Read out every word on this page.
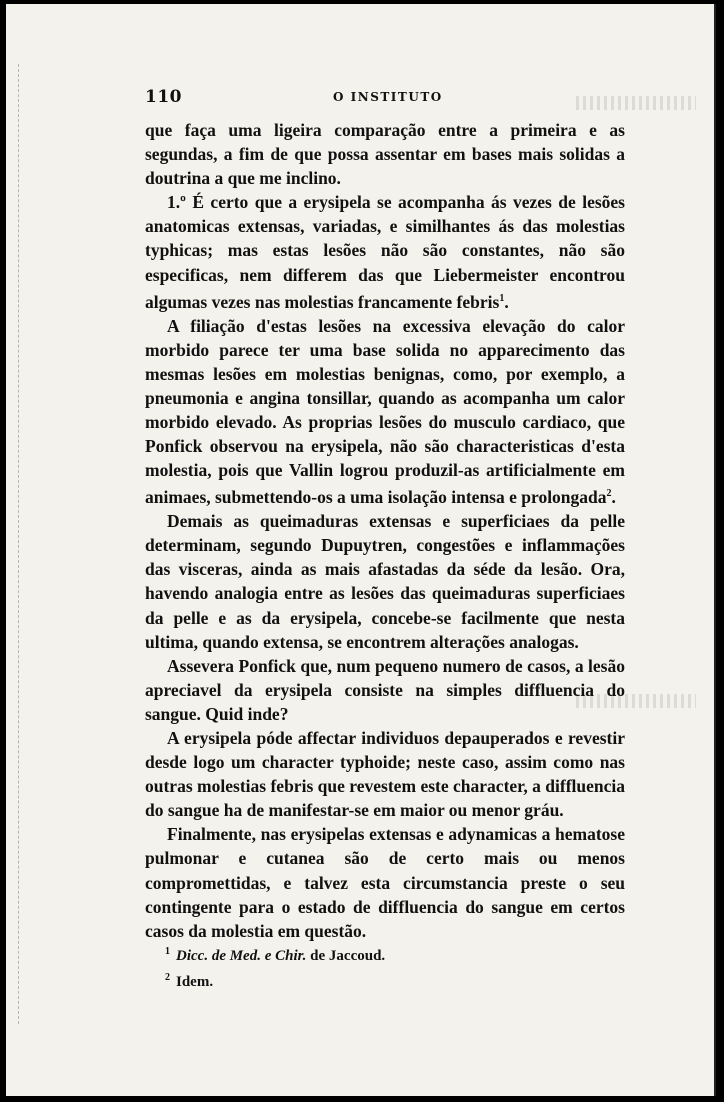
110	O INSTITUTO

que faça uma ligeira comparação entre a primeira e as segundas, a fim de que possa assentar em bases mais solidas a doutrina a que me inclino.

1.º É certo que a erysipela se acompanha ás vezes de lesões anatomicas extensas, variadas, e similhantes ás das molestias typhicas; mas estas lesões não são constantes, não são especificas, nem differem das que Liebermeister encontrou algumas vezes nas molestias francamente febris$^1$.

A filiação d'estas lesões na excessiva elevação do calor morbido parece ter uma base solida no apparecimento das mesmas lesões em molestias benignas, como, por exemplo, a pneumonia e angina tonsillar, quando as acompanha um calor morbido elevado. As proprias lesões do musculo cardiaco, que Ponfick observou na erysipela, não são characteristicas d'esta molestia, pois que Vallin logrou produzil-as artificialmente em animaes, submettendo-os a uma isolação intensa e prolongada$^2$.

Demais as queimaduras extensas e superficiaes da pelle determinam, segundo Dupuytren, congestões e inflammações das visceras, ainda as mais afastadas da séde da lesão. Ora, havendo analogia entre as lesões das queimaduras superficiaes da pelle e as da erysipela, concebe-se facilmente que nesta ultima, quando extensa, se encontrem alterações analogas.

Assevera Ponfick que, num pequeno numero de casos, a lesão apreciavel da erysipela consiste na simples diffluencia do sangue. Quid inde?

A erysipela póde affectar individuos depauperados e revestir desde logo um character typhoide; neste caso, assim como nas outras molestias febris que revestem este character, a diffluencia do sangue ha de manifestar-se em maior ou menor gráu.

Finalmente, nas erysipelas extensas e adynamicas a hematose pulmonar e cutanea são de certo mais ou menos compromettidas, e talvez esta circumstancia preste o seu contingente para o estado de diffluencia do sangue em certos casos da molestia em questão.

$^1$ Dicc. de Med. e Chir. de Jaccoud.

$^2$ Idem.
